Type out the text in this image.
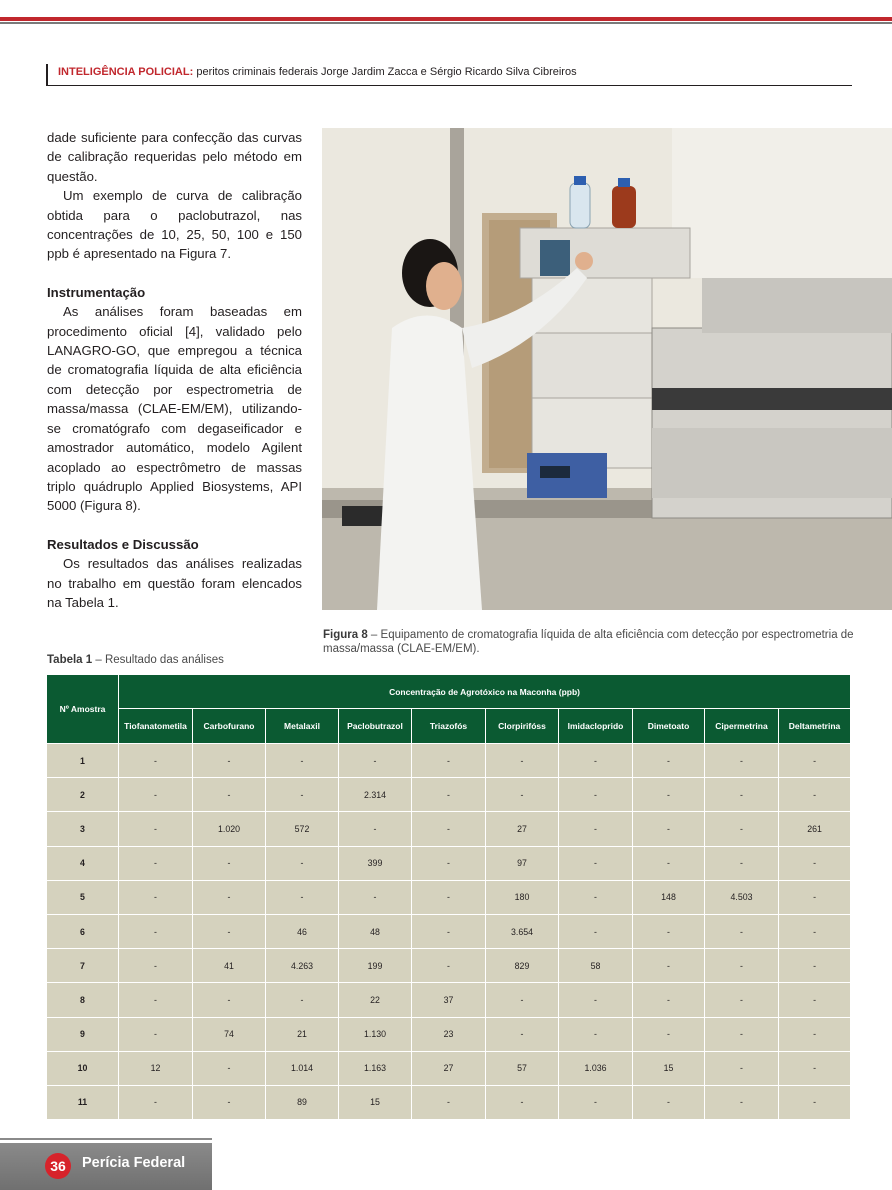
INTELIGÊNCIA POLICIAL: peritos criminais federais Jorge Jardim Zacca e Sérgio Ricardo Silva Cibreiros

dade suficiente para confecção das curvas de calibração requeridas pelo método em questão.

Um exemplo de curva de calibração obtida para o paclobutrazol, nas concentrações de 10, 25, 50, 100 e 150 ppb é apresentado na Figura 7.

Instrumentação

As análises foram baseadas em procedimento oficial [4], validado pelo LANAGRO-GO, que empregou a técnica de cromatografia líquida de alta eficiência com detecção por espectrometria de massa/massa (CLAE-EM/EM), utilizando-se cromatógrafo com degaseificador e amostrador automático, modelo Agilent acoplado ao espectrômetro de massas triplo quádruplo Applied Biosystems, API 5000 (Figura 8).

Resultados e Discussão

Os resultados das análises realizadas no trabalho em questão foram elencados na Tabela 1.

Figura 8 – Equipamento de cromatografia líquida de alta eficiência com detecção por espectrometria de massa/massa (CLAE-EM/EM).
Tabela 1 – Resultado das análises
Nº Amostra	Concentração de Agrotóxico na Maconha (ppb)									
	Tiofanatometila	Carbofurano	Metalaxil	Paclobutrazol	Triazofós	Clorpirifóss	Imidacloprido	Dimetoato	Cipermetrina	Deltametrina
1	-	-	-	-	-	-	-	-	-	-
2	-	-	-	2.314	-	-	-	-	-	-
3	-	1.020	572	-	-	27	-	-	-	261
4	-	-	-	399	-	97	-	-	-	-
5	-	-	-	-	-	180	-	148	4.503	-
6	-	-	46	48	-	3.654	-	-	-	-
7	-	41	4.263	199	-	829	58	-	-	-
8	-	-	-	22	37	-	-	-	-	-
9	-	74	21	1.130	23	-	-	-	-	-
10	12	-	1.014	1.163	27	57	1.036	15	-	-
11	-	-	89	15	-	-	-	-	-	-
36	Perícia Federal
